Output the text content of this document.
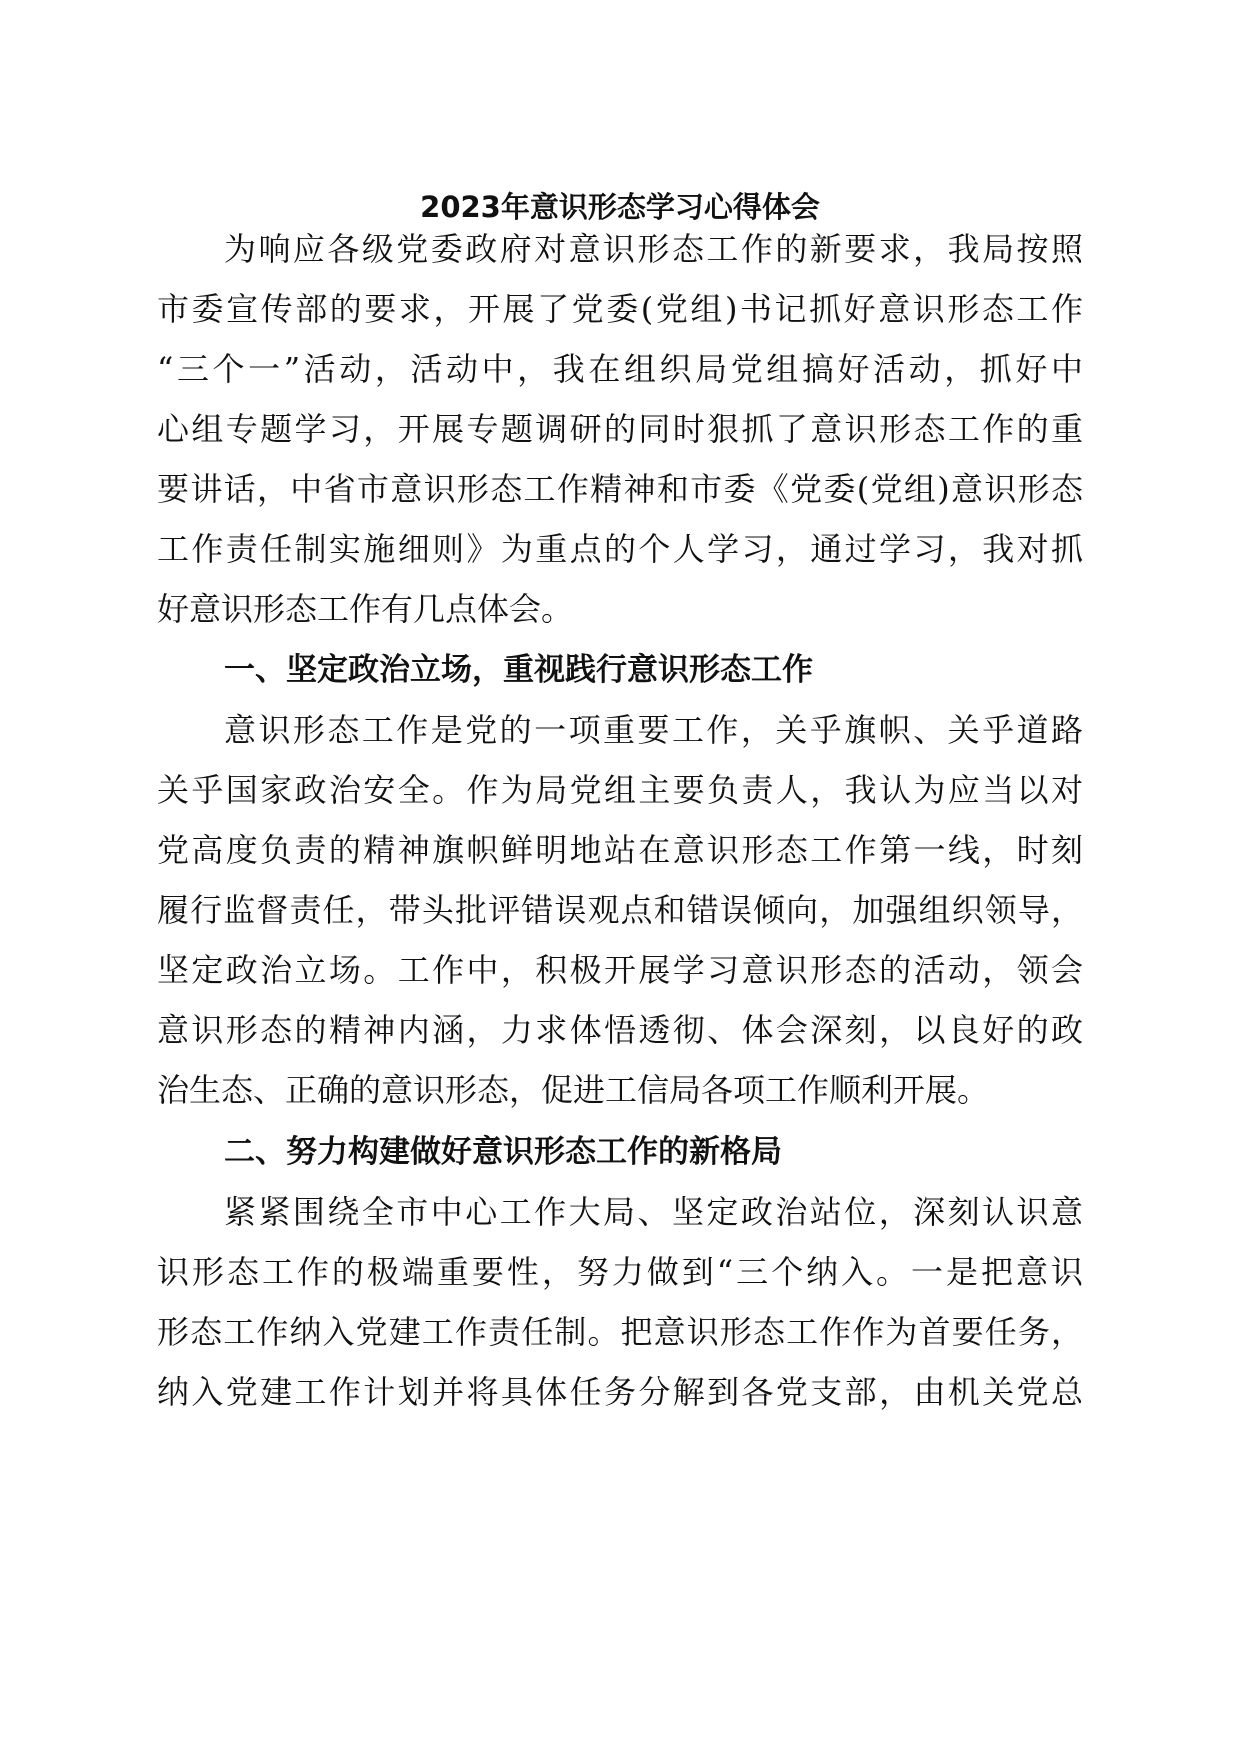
2023年意识形态学习心得体会
为响应各级党委政府对意识形态工作的新要求，我局按照
市委宣传部的要求，开展了党委(党组)书记抓好意识形态工作
“三个一”活动，活动中，我在组织局党组搞好活动，抓好中
心组专题学习，开展专题调研的同时狠抓了意识形态工作的重
要讲话，中省市意识形态工作精神和市委《党委(党组)意识形态
工作责任制实施细则》为重点的个人学习，通过学习，我对抓
好意识形态工作有几点体会。
一、坚定政治立场，重视践行意识形态工作
意识形态工作是党的一项重要工作，关乎旗帜、关乎道路
关乎国家政治安全。作为局党组主要负责人，我认为应当以对
党高度负责的精神旗帜鲜明地站在意识形态工作第一线，时刻
履行监督责任，带头批评错误观点和错误倾向，加强组织领导，
坚定政治立场。工作中，积极开展学习意识形态的活动，领会
意识形态的精神内涵，力求体悟透彻、体会深刻，以良好的政
治生态、正确的意识形态，促进工信局各项工作顺利开展。
二、努力构建做好意识形态工作的新格局
紧紧围绕全市中心工作大局、坚定政治站位，深刻认识意
识形态工作的极端重要性，努力做到“三个纳入。一是把意识
形态工作纳入党建工作责任制。把意识形态工作作为首要任务，
纳入党建工作计划并将具体任务分解到各党支部，由机关党总
